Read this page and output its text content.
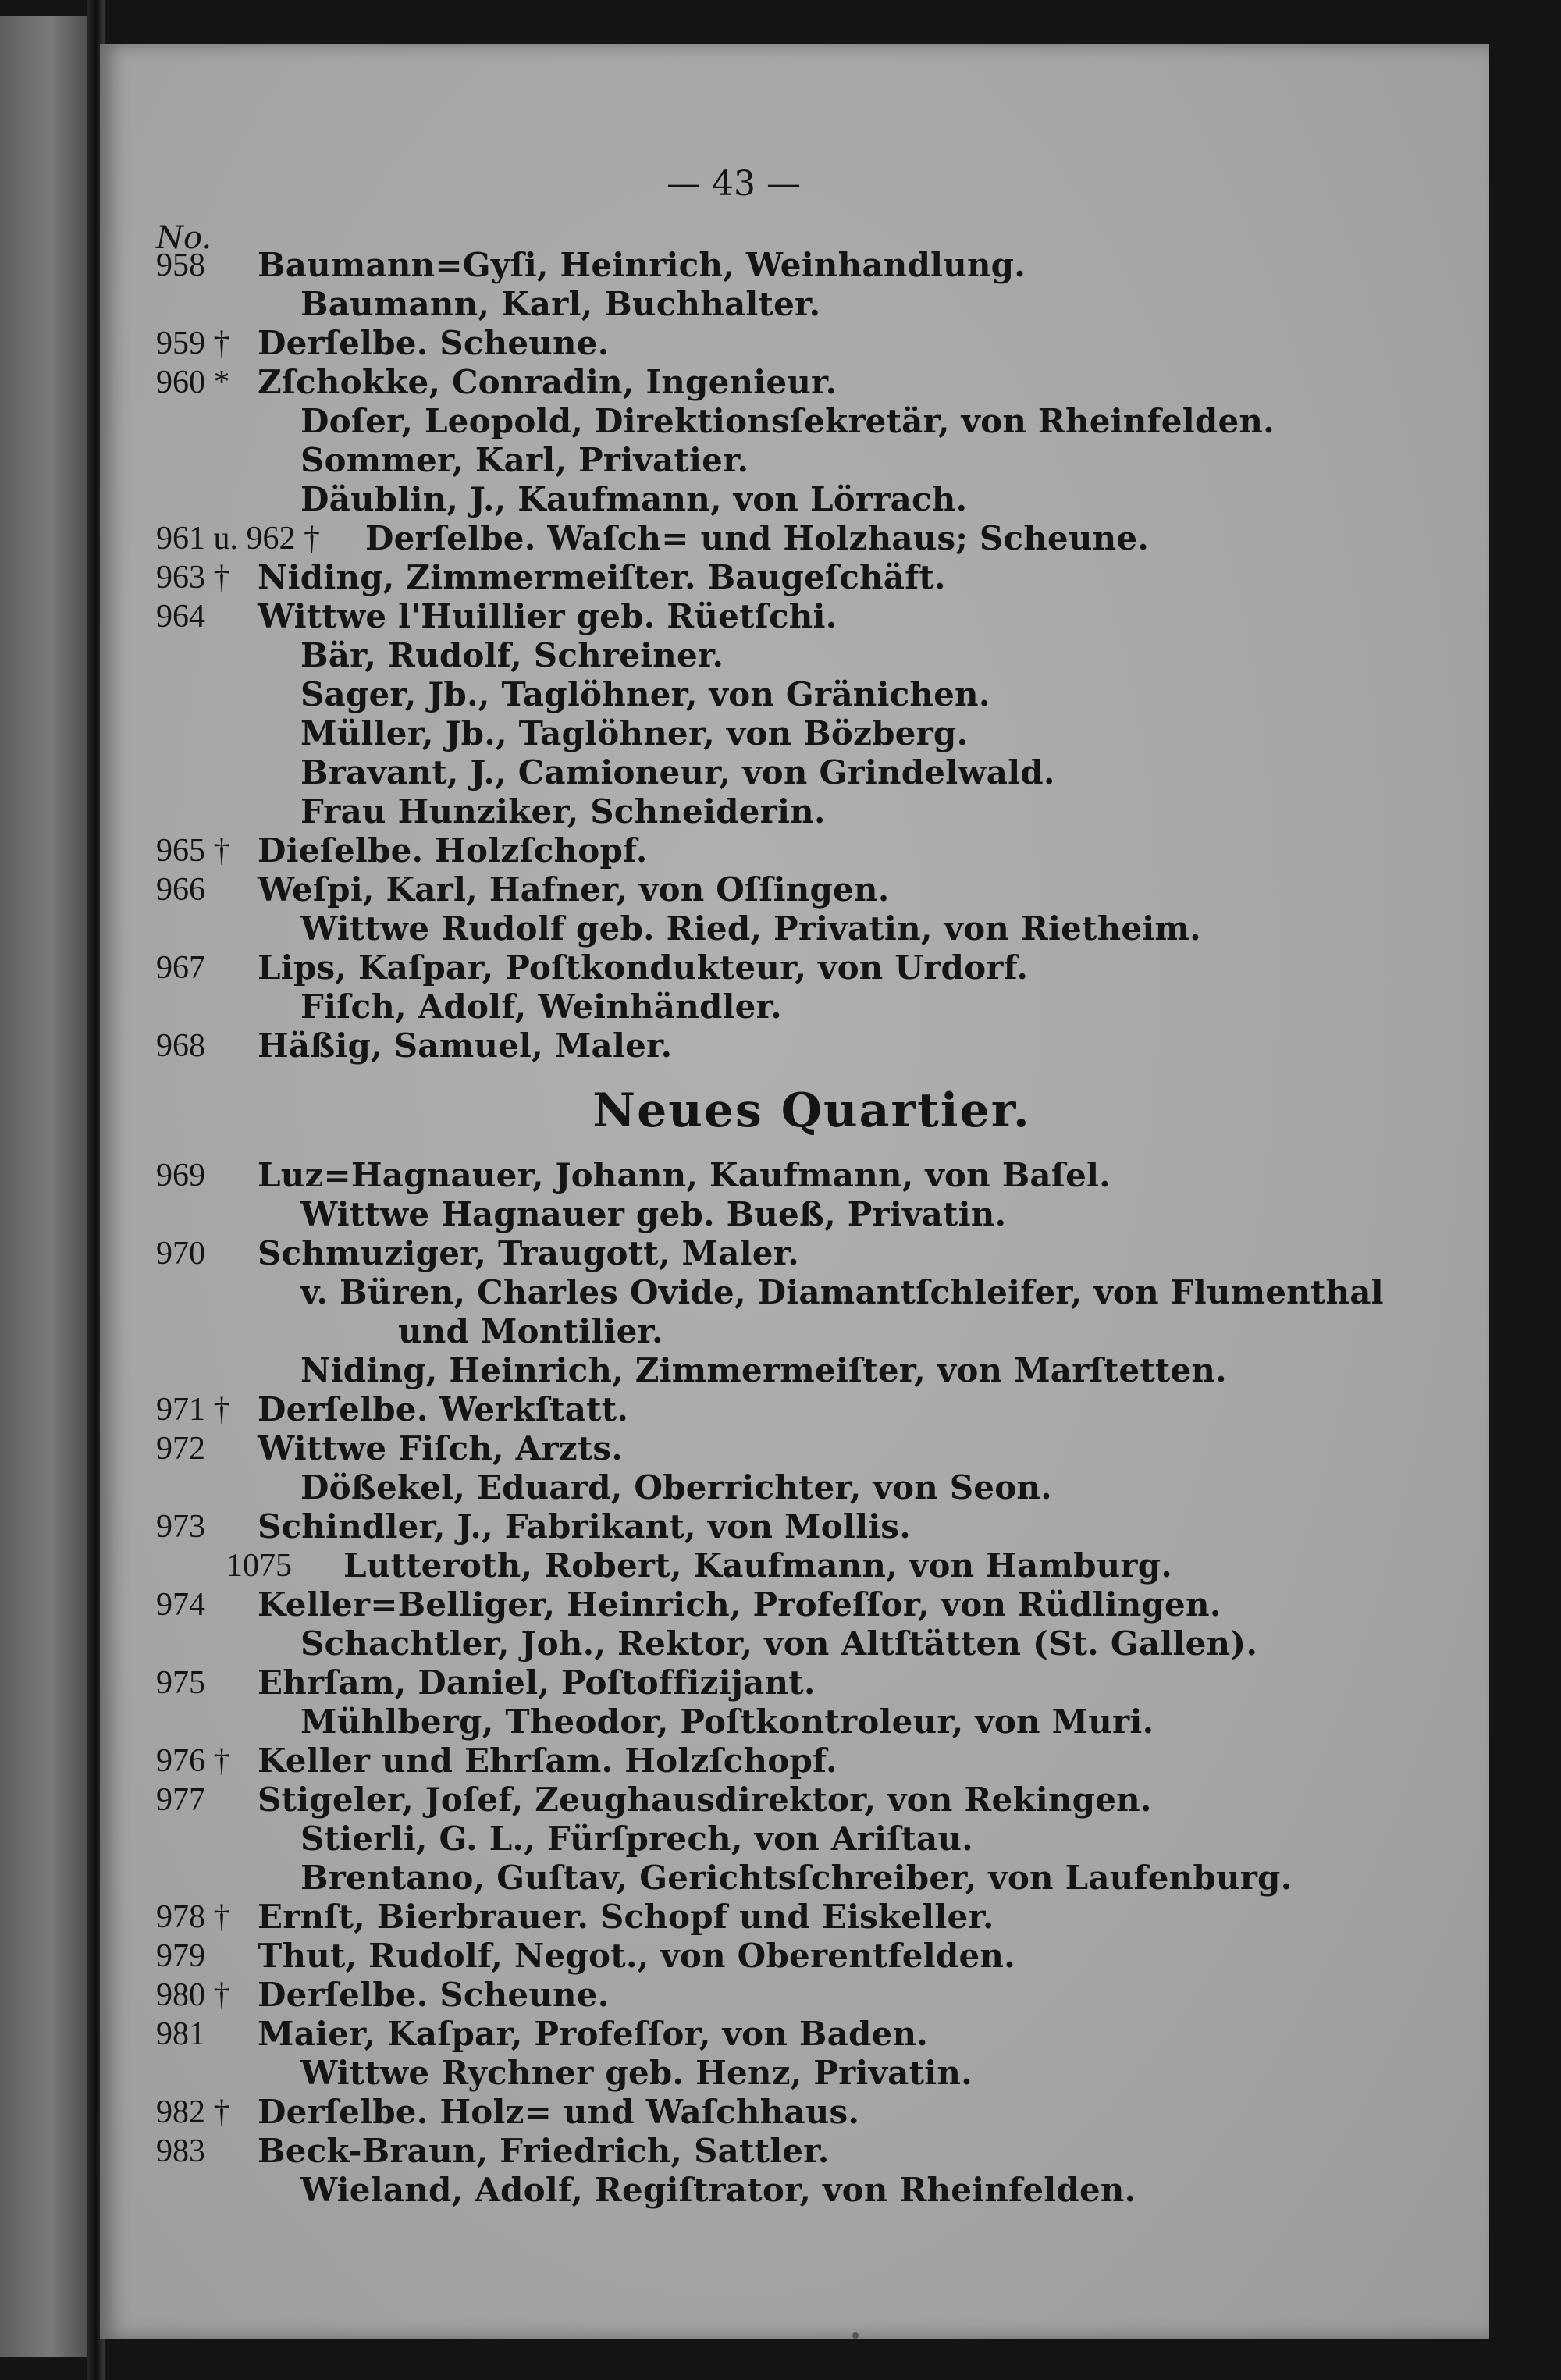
— 43 —
No.
Neues Quartier.
958	Baumann=Gyſi, Heinrich, Weinhandlung.
Baumann, Karl, Buchhalter.
959 † Derſelbe. Scheune.
960 * Zſchokke, Conradin, Ingenieur.
Doſer, Leopold, Direktionsſekretär, von Rheinfelden.
Sommer, Karl, Privatier.
Däublin, J., Kaufmann, von Lörrach.
961 u. 962 †	Derſelbe. Waſch= und Holzhaus; Scheune.
963 † Niding, Zimmermeiſter. Baugeſchäft.
964	Wittwe l'Huillier geb. Rüetſchi.
Bär, Rudolf, Schreiner.
Sager, Jb., Taglöhner, von Gränichen.
Müller, Jb., Taglöhner, von Bözberg.
Bravant, J., Camioneur, von Grindelwald.
Frau Hunziker, Schneiderin.
965 † Dieſelbe. Holzſchopf.
966	Weſpi, Karl, Hafner, von Oſſingen.
Wittwe Rudolf geb. Ried, Privatin, von Rietheim.
967	Lips, Kaſpar, Poſtkondukteur, von Urdorf.
Fiſch, Adolf, Weinhändler.
968	Häßig, Samuel, Maler.
969	Luz=Hagnauer, Johann, Kaufmann, von Baſel.
Wittwe Hagnauer geb. Bueß, Privatin.
970	Schmuziger, Traugott, Maler.
v. Büren, Charles Ovide, Diamantſchleifer, von Flumenthal
und Montilier.
Niding, Heinrich, Zimmermeiſter, von Marſtetten.
971 † Derſelbe. Werkſtatt.
972	Wittwe Fiſch, Arzts.
Dößekel, Eduard, Oberrichter, von Seon.
973	Schindler, J., Fabrikant, von Mollis.
1075	Lutteroth, Robert, Kaufmann, von Hamburg.
974	Keller=Belliger, Heinrich, Profeſſor, von Rüdlingen.
Schachtler, Joh., Rektor, von Altſtätten (St. Gallen).
975	Ehrſam, Daniel, Poſtoffizijant.
Mühlberg, Theodor, Poſtkontroleur, von Muri.
976 † Keller und Ehrſam. Holzſchopf.
977	Stigeler, Joſef, Zeughausdirektor, von Rekingen.
Stierli, G. L., Fürſprech, von Ariſtau.
Brentano, Guſtav, Gerichtsſchreiber, von Laufenburg.
978 † Ernſt, Bierbrauer. Schopf und Eiskeller.
979	Thut, Rudolf, Negot., von Oberentfelden.
980 † Derſelbe. Scheune.
981	Maier, Kaſpar, Profeſſor, von Baden.
Wittwe Rychner geb. Henz, Privatin.
982 † Derſelbe. Holz= und Waſchhaus.
983	Beck-Braun, Friedrich, Sattler.
Wieland, Adolf, Regiſtrator, von Rheinfelden.
